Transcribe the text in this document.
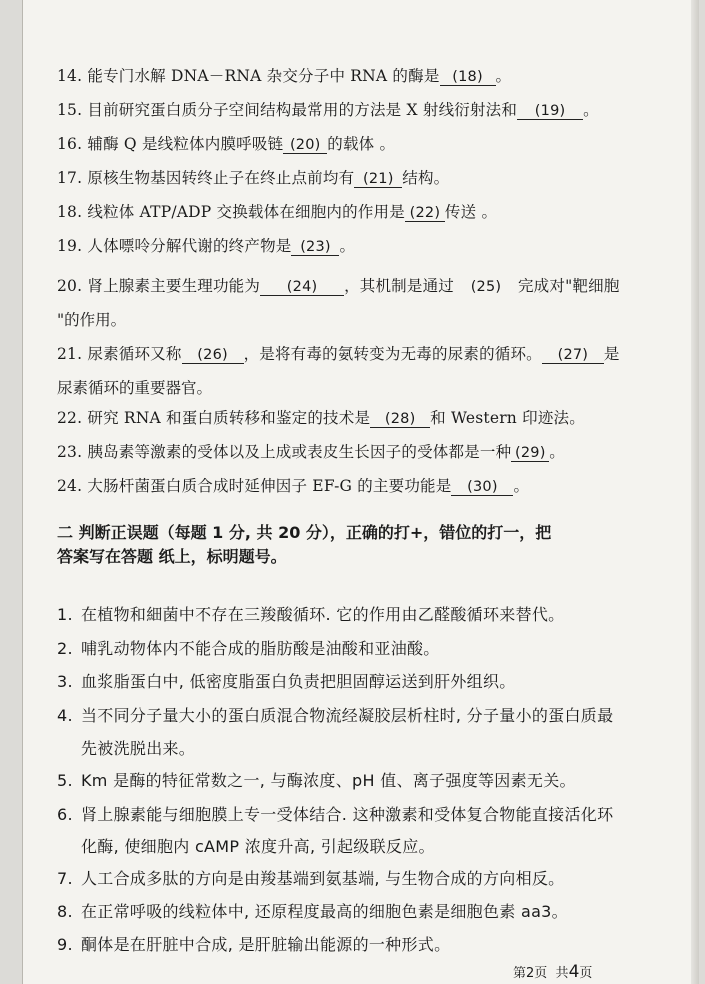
14. 能专门水解 DNA－RNA 杂交分子中 RNA 的酶是 (18) 。
15. 目前研究蛋白质分子空间结构最常用的方法是 X 射线衍射法和 (19) 。
16. 辅酶 Q 是线粒体内膜呼吸链 (20) 的载体 。
17. 原核生物基因转终止子在终止点前均有 (21) 结构。
18. 线粒体 ATP/ADP 交换载体在细胞内的作用是 (22) 传送 。
19. 人体嘌呤分解代谢的终产物是 (23) 。
20. 肾上腺素主要生理功能为 (24) ，其机制是通过 (25) 完成对"靶细胞
"的作用。
21. 尿素循环又称 (26) ，是将有毒的氨转变为无毒的尿素的循环。 (27) 是
尿素循环的重要器官。
22. 研究 RNA 和蛋白质转移和鉴定的技术是 (28) 和 Western 印迹法。
23. 胰岛素等激素的受体以及上成或表皮生长因子的受体都是一种 (29) 。
24. 大肠杆菌蛋白质合成时延伸因子 EF-G 的主要功能是 (30) 。
二 判断正误题（每题 1 分, 共 20 分），正确的打+，错位的打一，把
答案写在答题 纸上，标明题号。
1. 在植物和細菌中不存在三羧酸循环. 它的作用由乙醛酸循环来替代。
2. 哺乳动物体内不能合成的脂肪酸是油酸和亚油酸。
3. 血浆脂蛋白中, 低密度脂蛋白负责把胆固醇运送到肝外组织。
4. 当不同分子量大小的蛋白质混合物流经凝胶层析柱时, 分子量小的蛋白质最
先被洗脱出来。
5. Km 是酶的特征常数之一, 与酶浓度、pH 值、离子强度等因素无关。
6. 肾上腺素能与细胞膜上专一受体结合. 这种激素和受体复合物能直接活化环
化酶, 使细胞内 cAMP 浓度升高, 引起级联反应。
7. 人工合成多肽的方向是由羧基端到氨基端, 与生物合成的方向相反。
8. 在正常呼吸的线粒体中, 还原程度最高的细胞色素是细胞色素 aa3。
9. 酮体是在肝脏中合成, 是肝脏输出能源的一种形式。
第2页 共4页
